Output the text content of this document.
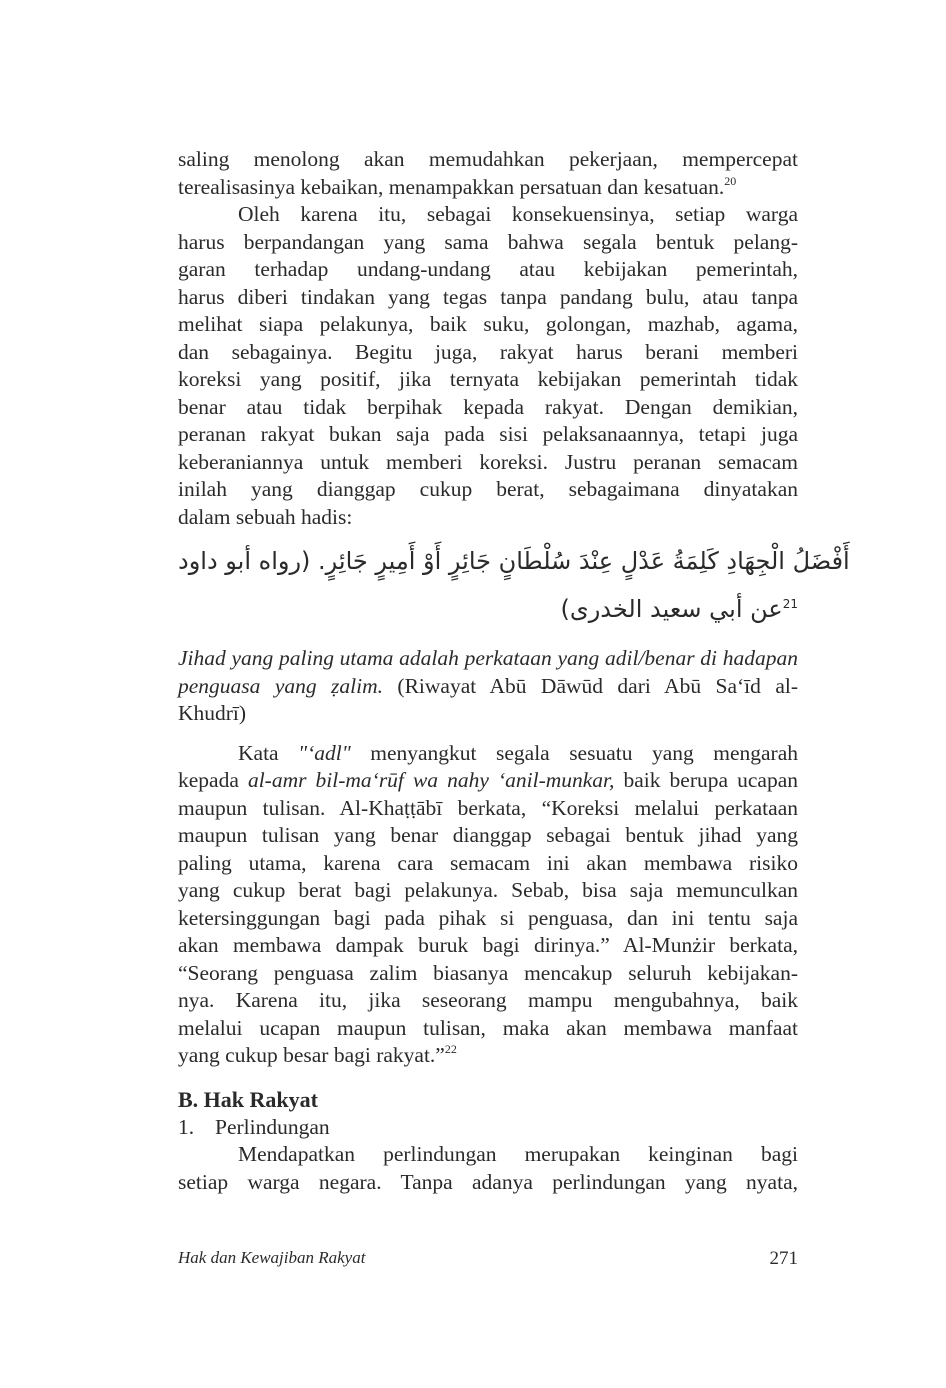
saling menolong akan memudahkan pekerjaan, mempercepat
terealisasinya kebaikan, menampakkan persatuan dan kesatuan.$^{20}$
Oleh karena itu, sebagai konsekuensinya, setiap warga
harus berpandangan yang sama bahwa segala bentuk pelang-
garan terhadap undang-undang atau kebijakan pemerintah,
harus diberi tindakan yang tegas tanpa pandang bulu, atau tanpa
melihat siapa pelakunya, baik suku, golongan, mazhab, agama,
dan sebagainya. Begitu juga, rakyat harus berani memberi
koreksi yang positif, jika ternyata kebijakan pemerintah tidak
benar atau tidak berpihak kepada rakyat. Dengan demikian,
peranan rakyat bukan saja pada sisi pelaksanaannya, tetapi juga
keberaniannya untuk memberi koreksi. Justru peranan semacam
inilah yang dianggap cukup berat, sebagaimana dinyatakan
dalam sebuah hadis:
أَفْضَلُ الْجِهَادِ كَلِمَةُ عَدْلٍ عِنْدَ سُلْطَانٍ جَائِرٍ أَوْ أَمِيرٍ جَائِرٍ. (رواه أبو داود
$^{21}$عن أبي سعيد الخدرى)
Jihad yang paling utama adalah perkataan yang adil/benar di hadapan
penguasa yang ẓalim. (Riwayat Abū Dāwūd dari Abū Sa‘īd al-
Khudrī)
Kata "‘adl" menyangkut segala sesuatu yang mengarah
kepada al-amr bil-ma‘rūf wa nahy ‘anil-munkar, baik berupa ucapan
maupun tulisan. Al-Khaṭṭābī berkata, “Koreksi melalui perkataan
maupun tulisan yang benar dianggap sebagai bentuk jihad yang
paling utama, karena cara semacam ini akan membawa risiko
yang cukup berat bagi pelakunya. Sebab, bisa saja memunculkan
ketersinggungan bagi pada pihak si penguasa, dan ini tentu saja
akan membawa dampak buruk bagi dirinya.” Al-Munżir berkata,
“Seorang penguasa zalim biasanya mencakup seluruh kebijakan-
nya. Karena itu, jika seseorang mampu mengubahnya, baik
melalui ucapan maupun tulisan, maka akan membawa manfaat
yang cukup besar bagi rakyat.”$^{22}$
B. Hak Rakyat
1. Perlindungan
Mendapatkan perlindungan merupakan keinginan bagi
setiap warga negara. Tanpa adanya perlindungan yang nyata,
Hak dan Kewajiban Rakyat	271
